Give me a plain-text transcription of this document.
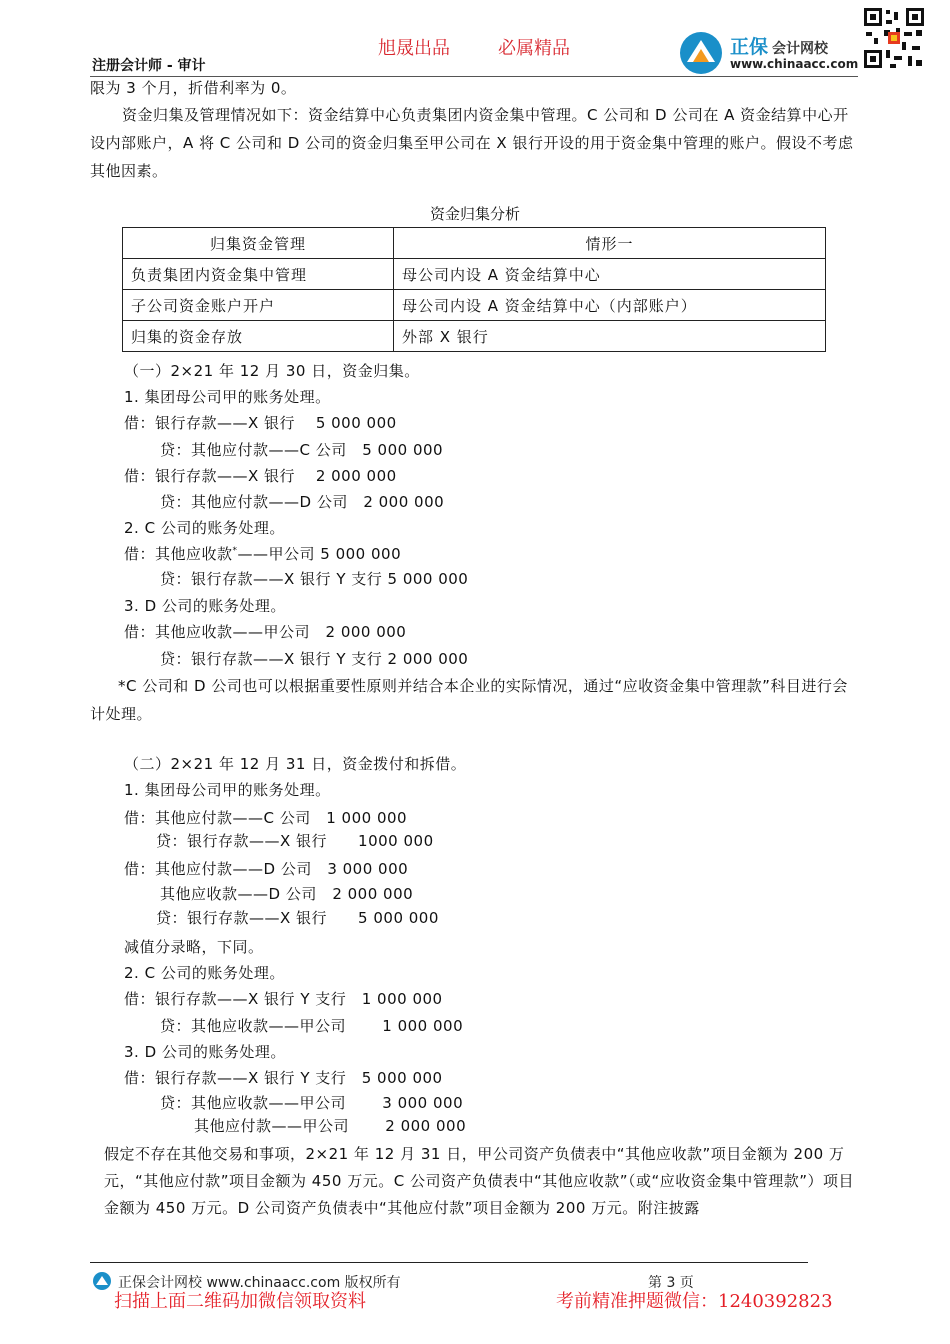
旭晟出品	必属精品
注册会计师 - 审计
正保 会计网校
www.chinaacc.com
限为 3 个月，折借利率为 0。
资金归集及管理情况如下：资金结算中心负责集团内资金集中管理。C 公司和 D 公司在 A 资金结算中心开设内部账户，A 将 C 公司和 D 公司的资金归集至甲公司在 X 银行开设的用于资金集中管理的账户。假设不考虑其他因素。
资金归集分析
归集资金管理	情形一
负责集团内资金集中管理	母公司内设 A 资金结算中心
子公司资金账户开户	母公司内设 A 资金结算中心（内部账户）
归集的资金存放	外部 X 银行
（一）2×21 年 12 月 30 日，资金归集。
1. 集团母公司甲的账务处理。
借：银行存款——X 银行　 5 000 000
贷：其他应付款——C 公司　5 000 000
借：银行存款——X 银行　 2 000 000
贷：其他应付款——D 公司　2 000 000
2. C 公司的账务处理。
借：其他应收款*——甲公司 5 000 000
贷：银行存款——X 银行 Y 支行 5 000 000
3. D 公司的账务处理。
借：其他应收款——甲公司　2 000 000
贷：银行存款——X 银行 Y 支行 2 000 000
*C 公司和 D 公司也可以根据重要性原则并结合本企业的实际情况，通过“应收资金集中管理款”科目进行会计处理。
（二）2×21 年 12 月 31 日，资金拨付和拆借。
1. 集团母公司甲的账务处理。
借：其他应付款——C 公司　1 000 000
贷：银行存款——X 银行　　1000 000
借：其他应付款——D 公司　3 000 000
其他应收款——D 公司　2 000 000
贷：银行存款——X 银行　　5 000 000
减值分录略，下同。
2. C 公司的账务处理。
借：银行存款——X 银行 Y 支行　1 000 000
贷：其他应收款——甲公司　　 1 000 000
3. D 公司的账务处理。
借：银行存款——X 银行 Y 支行　5 000 000
贷：其他应收款——甲公司　　 3 000 000
其他应付款——甲公司　　 2 000 000
假定不存在其他交易和事项，2×21 年 12 月 31 日，甲公司资产负债表中“其他应收款”项目金额为 200 万元，“其他应付款”项目金额为 450 万元。C 公司资产负债表中“其他应收款”（或“应收资金集中管理款”）项目金额为 450 万元。D 公司资产负债表中“其他应付款”项目金额为 200 万元。附注披露
正保会计网校 www.chinaacc.com 版权所有	第 3 页
扫描上面二维码加微信领取资料	考前精准押题微信：1240392823
